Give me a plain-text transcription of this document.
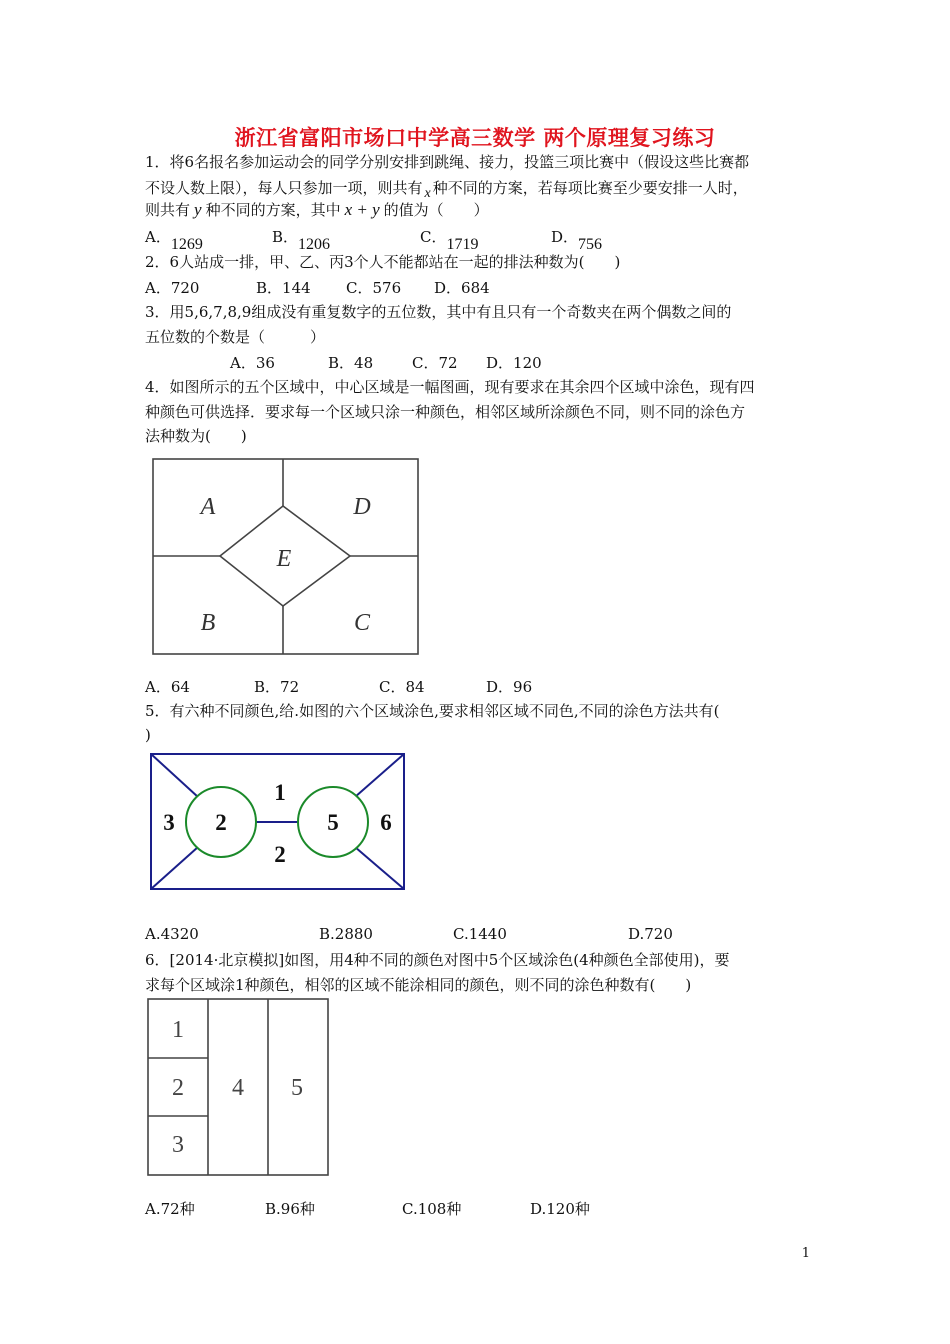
浙江省富阳市场口中学高三数学 两个原理复习练习
1．将6名报名参加运动会的同学分别安排到跳绳、接力，投篮三项比赛中（假设这些比赛都
不设人数上限），每人只参加一项，则共有 x 种不同的方案，若每项比赛至少要安排一人时，
则共有 y 种不同的方案，其中 x + y 的值为（　　）
A．1269	B．1206	C．1719	D．756
2．6人站成一排，甲、乙、丙3个人不能都站在一起的排法种数为(　　)
A．720	B．144 C．576 D．684
3．用5,6,7,8,9组成没有重复数字的五位数，其中有且只有一个奇数夹在两个偶数之间的
五位数的个数是（　　　）
A．36	B．48	C．72 D．120
4．如图所示的五个区域中，中心区域是一幅图画，现有要求在其余四个区域中涂色，现有四
种颜色可供选择．要求每一个区域只涂一种颜色，相邻区域所涂颜色不同，则不同的涂色方
法种数为(　　)
A	D
E
B	C
A．64	B．72	C．84	D．96
5．有六种不同颜色,给.如图的六个区域涂色,要求相邻区域不同色,不同的涂色方法共有(
)
1
3 2	5 6
2
A.4320	B.2880	C.1440	D.720
6．[2014·北京模拟]如图，用4种不同的颜色对图中5个区域涂色(4种颜色全部使用)，要
求每个区域涂1种颜色，相邻的区域不能涂相同的颜色，则不同的涂色种数有(　　)
1
2
3
4 5
A.72种	B.96种	C.108种	D.120种
1
